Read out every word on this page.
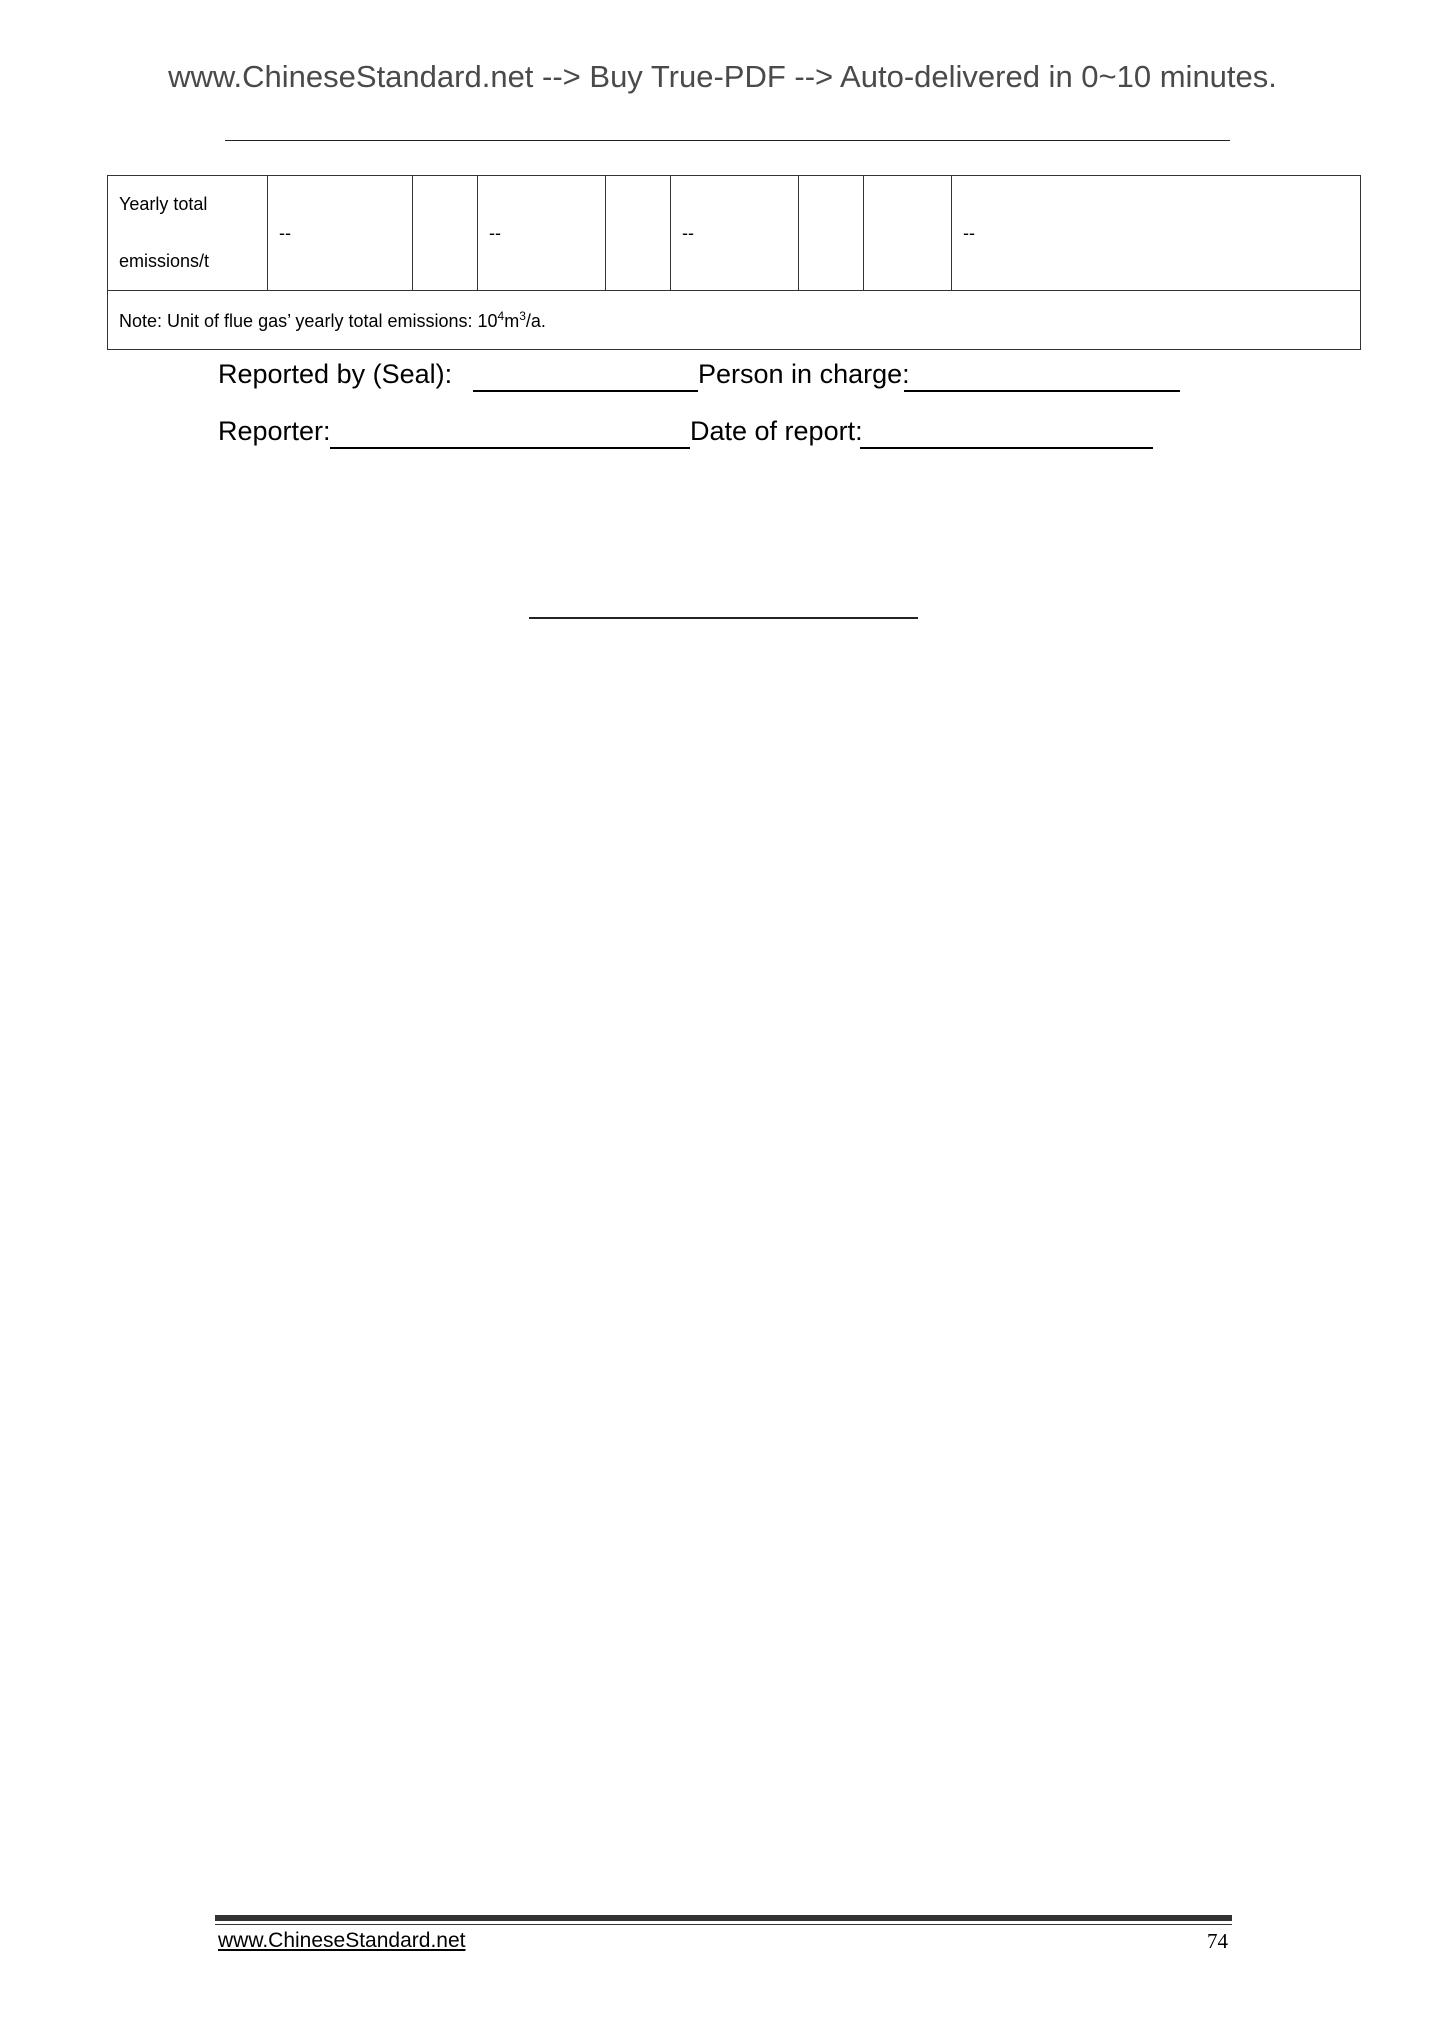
www.ChineseStandard.net --> Buy True-PDF --> Auto-delivered in 0~10 minutes.
Yearly total
emissions/t
	--		--		--			--
Note: Unit of flue gas’ yearly total emissions: $10^4m^3/a$.
Reported by (Seal):	Person in charge:
Reporter:	Date of report:
www.ChineseStandard.net	74
